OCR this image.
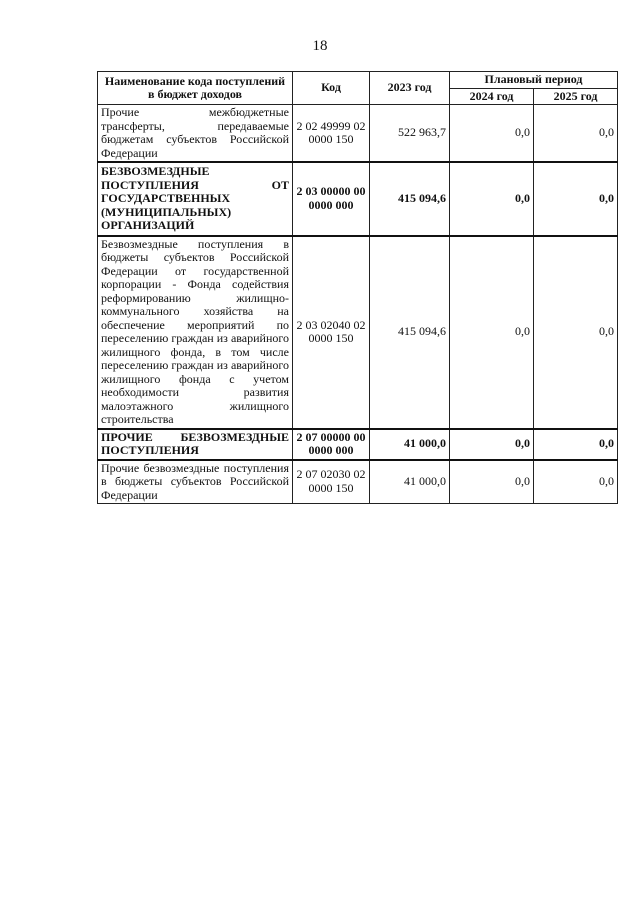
18
Наименование кода поступлений в бюджет доходов	Код	2023 год	Плановый период	
			2024 год	2025 год
Прочие межбюджетные трансферты, передаваемые бюджетам субъектов Российской Федерации	2 02 49999 02 0000 150	522 963,7	0,0	0,0
БЕЗВОЗМЕЗДНЫЕ ПОСТУПЛЕНИЯ ОТ ГОСУДАРСТВЕННЫХ (МУНИЦИПАЛЬНЫХ) ОРГАНИЗАЦИЙ	2 03 00000 00 0000 000	415 094,6	0,0	0,0
Безвозмездные поступления в бюджеты субъектов Российской Федерации от государственной корпорации - Фонда содействия реформированию жилищно-коммунального хозяйства на обеспечение мероприятий по переселению граждан из аварийного жилищного фонда, в том числе переселению граждан из аварийного жилищного фонда с учетом необходимости развития малоэтажного жилищного строительства	2 03 02040 02 0000 150	415 094,6	0,0	0,0
ПРОЧИЕ БЕЗВОЗМЕЗДНЫЕ ПОСТУПЛЕНИЯ	2 07 00000 00 0000 000	41 000,0	0,0	0,0
Прочие безвозмездные поступления в бюджеты субъектов Российской Федерации	2 07 02030 02 0000 150	41 000,0	0,0	0,0
